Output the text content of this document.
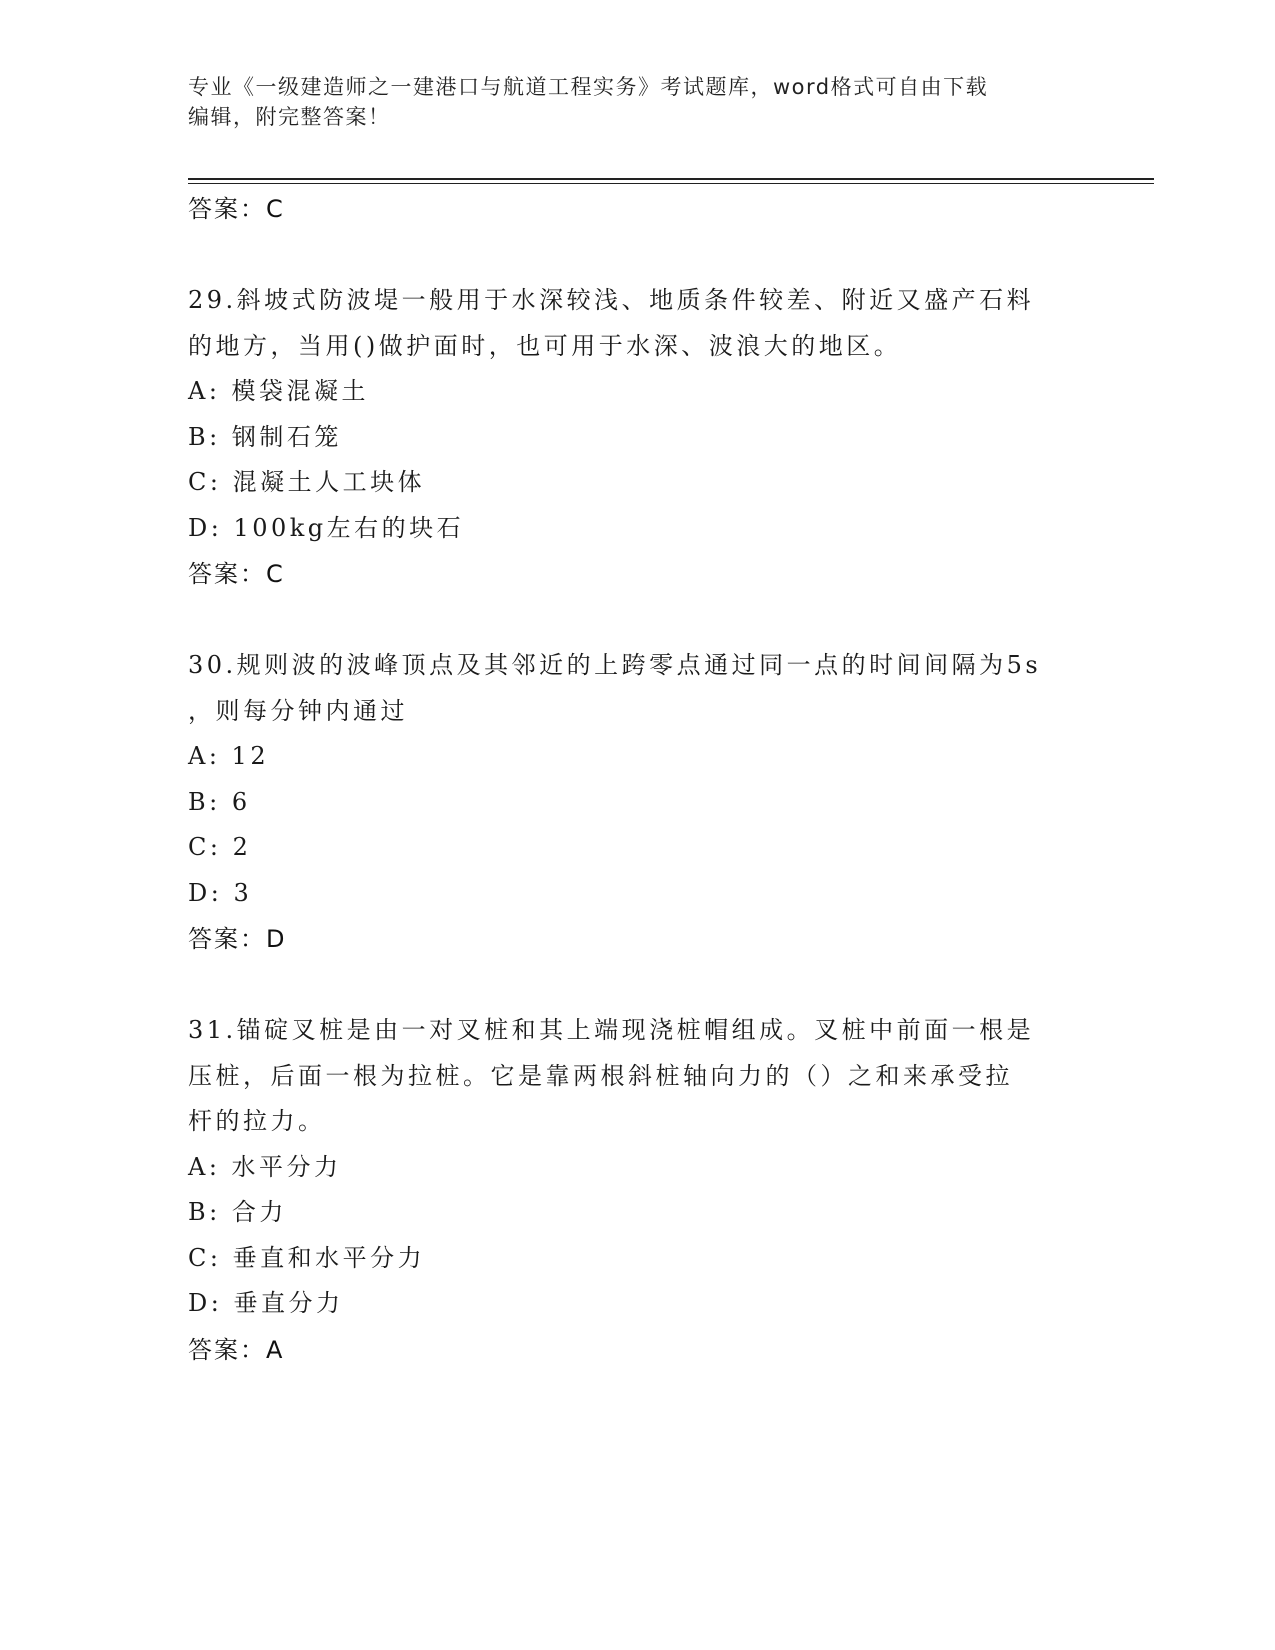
专业《一级建造师之一建港口与航道工程实务》考试题库，word格式可自由下载
编辑，附完整答案！
答案：C
29.斜坡式防波堤一般用于水深较浅、地质条件较差、附近又盛产石料
的地方，当用()做护面时，也可用于水深、波浪大的地区。
A: 模袋混凝土
B: 钢制石笼
C: 混凝土人工块体
D: 100kg左右的块石
答案：C
30.规则波的波峰顶点及其邻近的上跨零点通过同一点的时间间隔为5s
，则每分钟内通过
A: 12
B: 6
C: 2
D: 3
答案：D
31.锚碇叉桩是由一对叉桩和其上端现浇桩帽组成。叉桩中前面一根是
压桩，后面一根为拉桩。它是靠两根斜桩轴向力的（）之和来承受拉
杆的拉力。
A: 水平分力
B: 合力
C: 垂直和水平分力
D: 垂直分力
答案：A
